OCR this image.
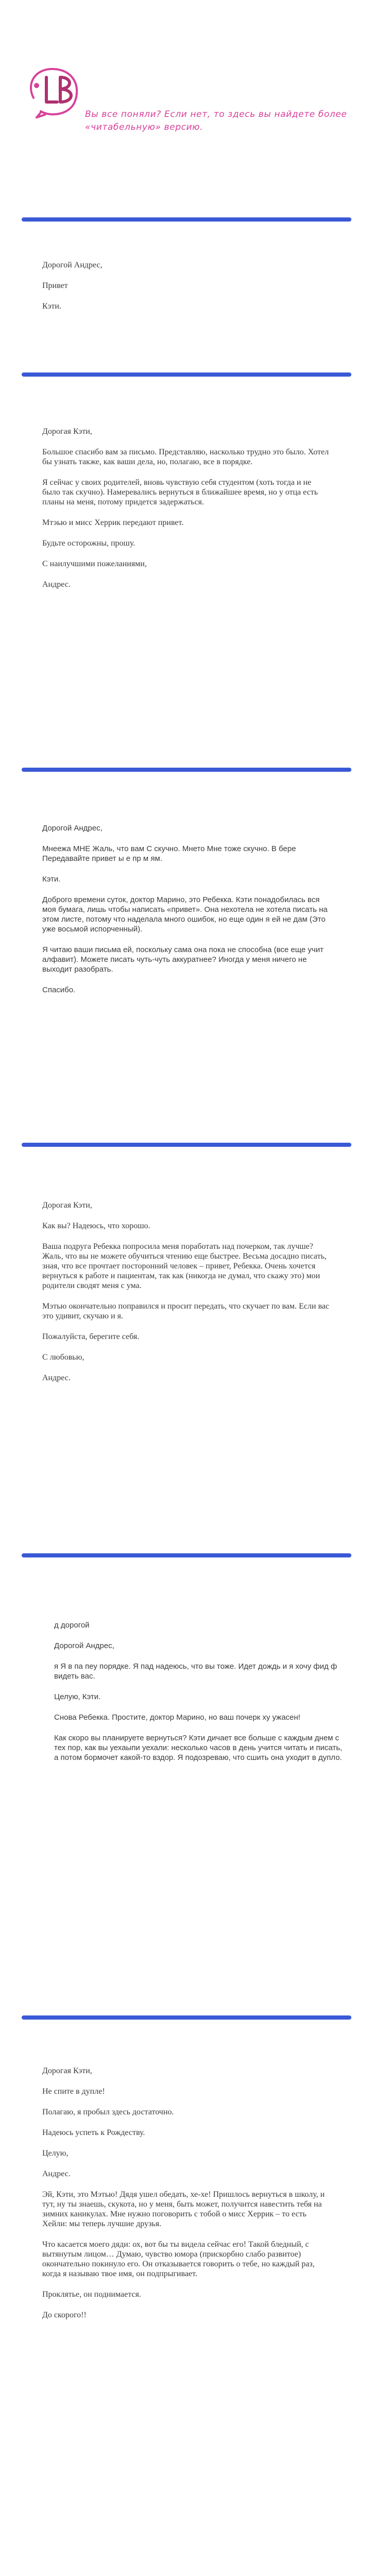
Вы все поняли? Если нет, то здесь вы найдете более «читабельную» версию.

Дорогой Андрес,

Привет

Кэти.

Дорогая Кэти,

Большое спасибо вам за письмо. Представляю, насколько трудно это было. Хотел бы узнать также, как ваши дела, но, полагаю, все в порядке.

Я сейчас у своих родителей, вновь чувствую себя студентом (хоть тогда и не было так скучно). Намеревались вернуться в ближайшее время, но у отца есть планы на меня, потому придется задержаться.

Мтэью и мисс Херрик передают привет.

Будьте осторожны, прошу.

С наилучшими пожеланиями,

Андрес.

Дорогой Андрес,

Мнеежа МНЕ Жаль, что вам С скучно. Мнето Мне тоже скучно. В бере Передавайте привет ы е пр м ям.

Кэти.

Доброго времени суток, доктор Марино, это Ребекка. Кэти понадобилась вся моя бумага, лишь чтобы написать «привет». Она нехотела не хотела писать на этом листе, потому что наделала много ошибок, но еще один я ей не дам (Это уже восьмой испорченный).

Я читаю ваши письма ей, поскольку сама она пока не способна (все еще учит алфавит). Можете писать чуть-чуть аккуратнее? Иногда у меня ничего не выходит разобрать.

Спасибо.

Дорогая Кэти,

Как вы? Надеюсь, что хорошо.

Ваша подруга Ребекка попросила меня поработать над почерком, так лучше? Жаль, что вы не можете обучиться чтению еще быстрее. Весьма досадно писать, зная, что все прочтает посторонний человек – привет, Ребекка. Очень хочется вернуться к работе и пациентам, так как (никогда не думал, что скажу это) мои родители сводят меня с ума.

Мэтью окончательно поправился и просит передать, что скучает по вам. Если вас это удивит, скучаю и я.

Пожалуйста, берегите себя.

С любовью,

Андрес.

д дорогой

Дорогой Андрес,

я Я в па пеу порядке. Я пад надеюсь, что вы тоже. Идет дождь и я хочу фид ф видеть вас.

Целую, Кэти.

Снова Ребекка. Простите, доктор Марино, но ваш почерк ху ужасен!

Как скоро вы планируете вернуться? Кэти дичает все больше с каждым днем с тех пор, как вы уехаыпи уехали: несколько часов в день учится читать и писать, а потом бормочет какой-то вздор. Я подозреваю, что сшить она уходит в дупло.

Дорогая Кэти,

Не спите в дупле!

Полагаю, я пробыл здесь достаточно.

Надеюсь успеть к Рождеству.

Целую,

Андрес.

Эй, Кэти, это Мэтью! Дядя ушел обедать, хе-хе! Пришлось вернуться в школу, и тут, ну ты знаешь, скукота, но у меня, быть может, получится навестить тебя на зимних каникулах. Мне нужно поговорить с тобой о мисс Херрик – то есть Хейли: мы теперь лучшие друзья.

Что касается моего дяди: ох, вот бы ты видела сейчас его! Такой бледный, с вытянутым лицом… Думаю, чувство юмора (прискорбно слабо развитое) окончательно покинуло его. Он отказывается говорить о тебе, но каждый раз, когда я называю твое имя, он подпрыгивает.

Проклятье, он поднимается.

До скорого!!
